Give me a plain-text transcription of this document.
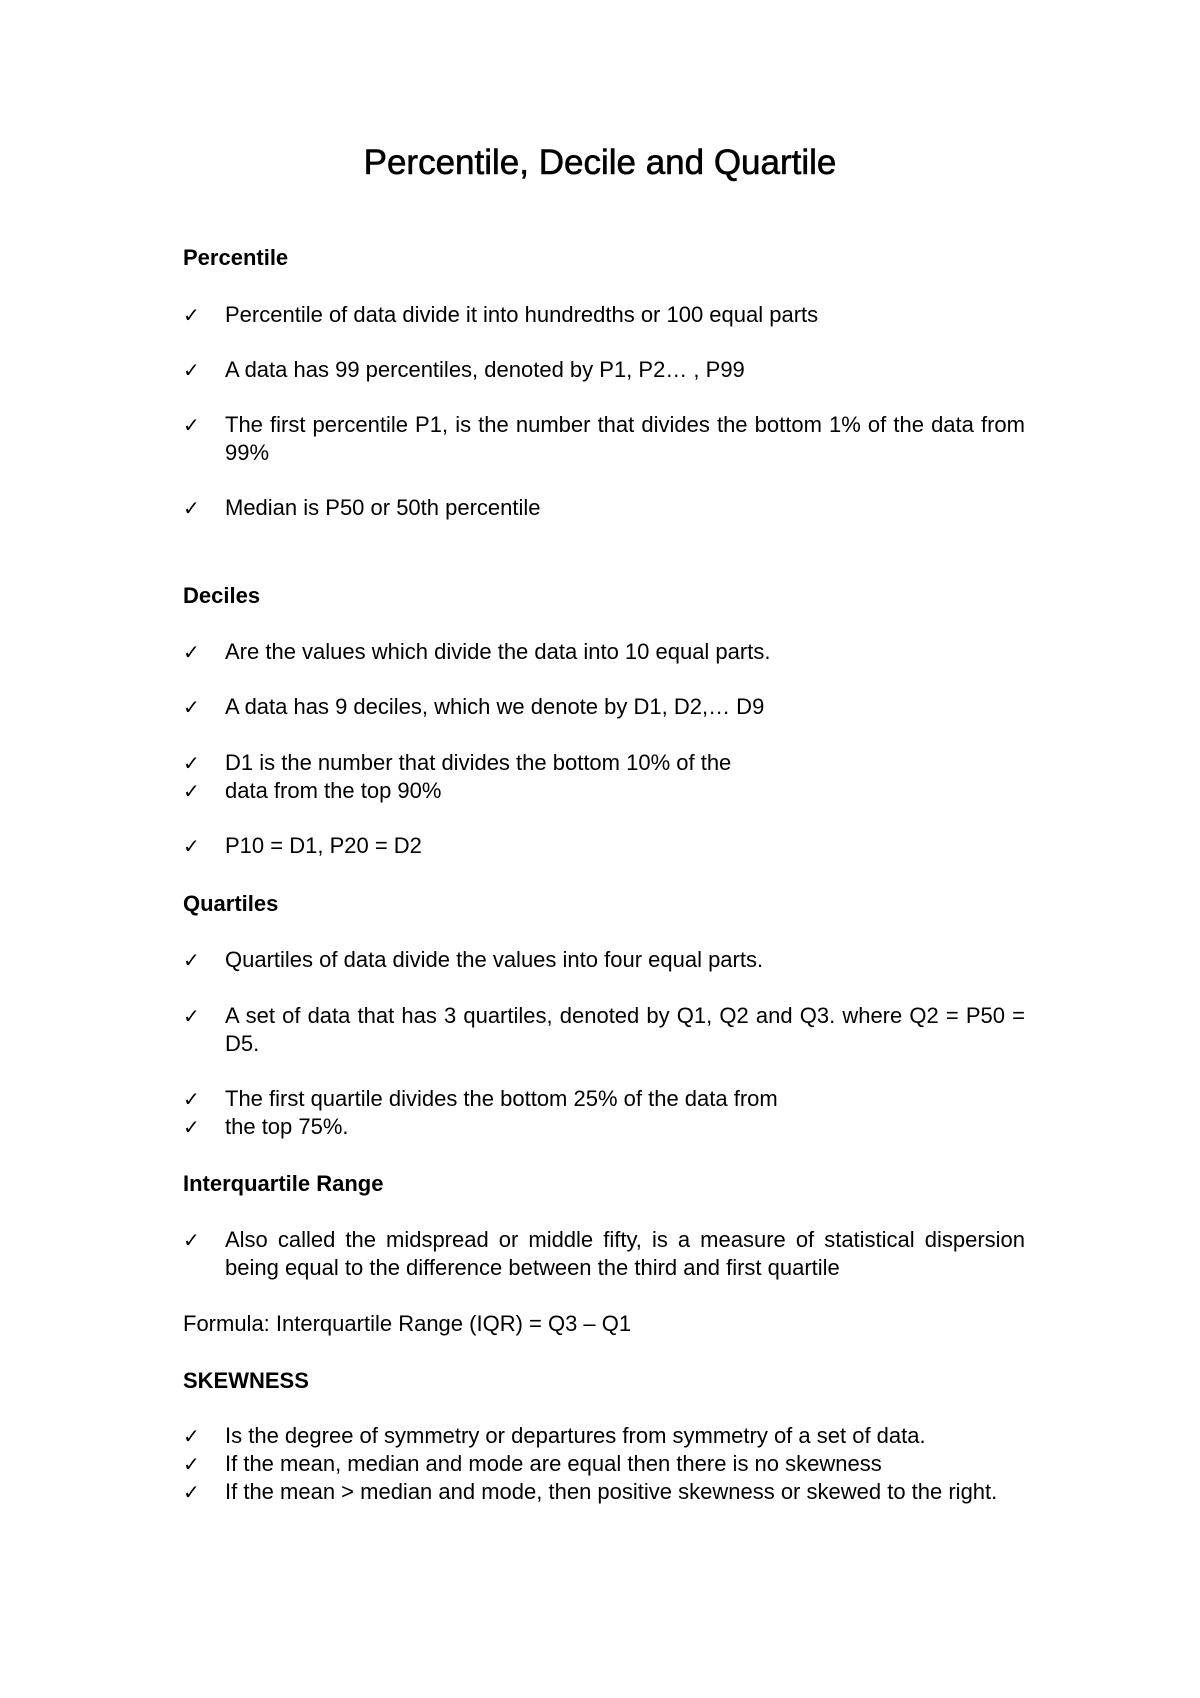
Percentile, Decile and Quartile
Percentile
✓ Percentile of data divide it into hundredths or 100 equal parts
✓ A data has 99 percentiles, denoted by P1, P2… , P99
✓ The first percentile P1, is the number that divides the bottom 1% of the data from 99%
✓ Median is P50 or 50th percentile
Deciles
✓ Are the values which divide the data into 10 equal parts.
✓ A data has 9 deciles, which we denote by D1, D2,… D9
✓ D1 is the number that divides the bottom 10% of the
✓ data from the top 90%
✓ P10 = D1, P20 = D2
Quartiles
✓ Quartiles of data divide the values into four equal parts.
✓ A set of data that has 3 quartiles, denoted by Q1, Q2 and Q3. where Q2 = P50 = D5.
✓ The first quartile divides the bottom 25% of the data from
✓ the top 75%.
Interquartile Range
✓ Also called the midspread or middle fifty, is a measure of statistical dispersion being equal to the difference between the third and first quartile
Formula: Interquartile Range (IQR) = Q3 – Q1
SKEWNESS
✓ Is the degree of symmetry or departures from symmetry of a set of data.
✓ If the mean, median and mode are equal then there is no skewness
✓ If the mean > median and mode, then positive skewness or skewed to the right.
